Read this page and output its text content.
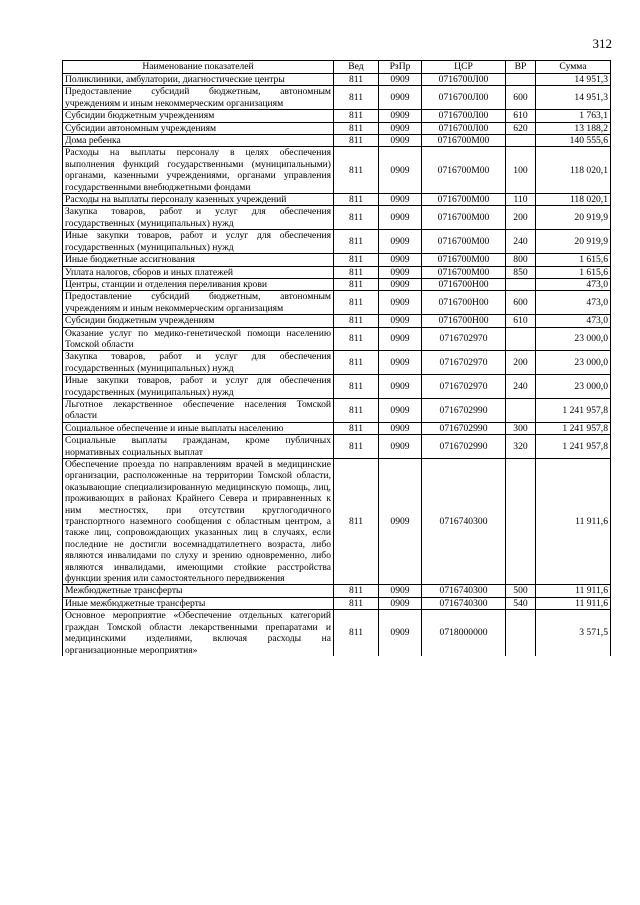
312
Наименование показателей	Вед	РзПр	ЦСР	ВР	Сумма
Поликлиники, амбулатории, диагностические центры	811	0909	0716700Л00		14 951,3
Предоставление субсидий бюджетным, автономным учреждениям и иным некоммерческим организациям	811	0909	0716700Л00	600	14 951,3
Субсидии бюджетным учреждениям	811	0909	0716700Л00	610	1 763,1
Субсидии автономным учреждениям	811	0909	0716700Л00	620	13 188,2
Дома ребенка	811	0909	0716700М00		140 555,6
Расходы на выплаты персоналу в целях обеспечения выполнения функций государственными (муниципальными) органами, казенными учреждениями, органами управления государственными внебюджетными фондами	811	0909	0716700М00	100	118 020,1
Расходы на выплаты персоналу казенных учреждений	811	0909	0716700М00	110	118 020,1
Закупка товаров, работ и услуг для обеспечения государственных (муниципальных) нужд	811	0909	0716700М00	200	20 919,9
Иные закупки товаров, работ и услуг для обеспечения государственных (муниципальных) нужд	811	0909	0716700М00	240	20 919,9
Иные бюджетные ассигнования	811	0909	0716700М00	800	1 615,6
Уплата налогов, сборов и иных платежей	811	0909	0716700М00	850	1 615,6
Центры, станции и отделения переливания крови	811	0909	0716700Н00		473,0
Предоставление субсидий бюджетным, автономным учреждениям и иным некоммерческим организациям	811	0909	0716700Н00	600	473,0
Субсидии бюджетным учреждениям	811	0909	0716700Н00	610	473,0
Оказание услуг по медико-генетической помощи населению Томской области	811	0909	0716702970		23 000,0
Закупка товаров, работ и услуг для обеспечения государственных (муниципальных) нужд	811	0909	0716702970	200	23 000,0
Иные закупки товаров, работ и услуг для обеспечения государственных (муниципальных) нужд	811	0909	0716702970	240	23 000,0
Льготное лекарственное обеспечение населения Томской области	811	0909	0716702990		1 241 957,8
Социальное обеспечение и иные выплаты населению	811	0909	0716702990	300	1 241 957,8
Социальные выплаты гражданам, кроме публичных нормативных социальных выплат	811	0909	0716702990	320	1 241 957,8
Обеспечение проезда по направлениям врачей в медицинские организации, расположенные на территории Томской области, оказывающие специализированную медицинскую помощь, лиц, проживающих в районах Крайнего Севера и приравненных к ним местностях, при отсутствии круглогодичного транспортного наземного сообщения с областным центром, а также лиц, сопровождающих указанных лиц в случаях, если последние не достигли восемнадцатилетнего возраста, либо являются инвалидами по слуху и зрению одновременно, либо являются инвалидами, имеющими стойкие расстройства функции зрения или самостоятельного передвижения	811	0909	0716740300		11 911,6
Межбюджетные трансферты	811	0909	0716740300	500	11 911,6
Иные межбюджетные трансферты	811	0909	0716740300	540	11 911,6
Основное мероприятие «Обеспечение отдельных категорий граждан Томской области лекарственными препаратами и медицинскими изделиями, включая расходы на организационные мероприятия»	811	0909	0718000000		3 571,5
